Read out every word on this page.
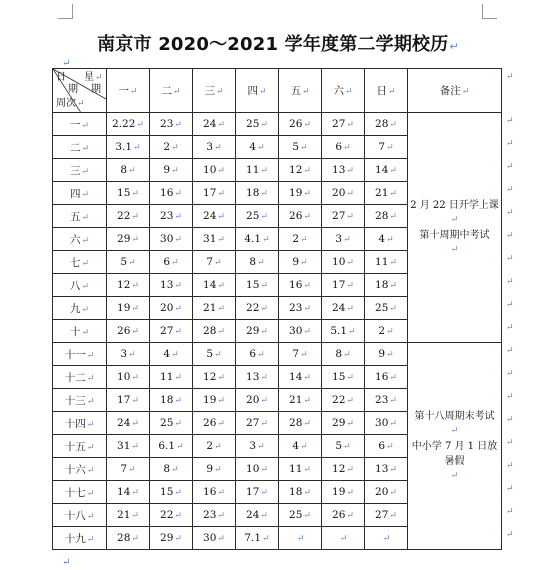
南京市 2020～2021 学年度第二学期校历↵
↵
日 星↵
期 期
周次↵	一↵	二↵	三↵	四↵	五↵	六↵	日↵	备注↵
一↵	2.22↵	23↵	24↵	25↵	26↵	27↵	28↵	2 月 22 日开学上课
↵
第十周期中考试
↵

二↵	3.1↵	2↵	3↵	4↵	5↵	6↵	7↵	
三↵	8↵	9↵	10↵	11↵	12↵	13↵	14↵	
四↵	15↵	16↵	17↵	18↵	19↵	20↵	21↵	
五↵	22↵	23↵	24↵	25↵	26↵	27↵	28↵	
六↵	29↵	30↵	31↵	4.1↵	2↵	3↵	4↵	
七↵	5↵	6↵	7↵	8↵	9↵	10↵	11↵	
八↵	12↵	13↵	14↵	15↵	16↵	17↵	18↵	
九↵	19↵	20↵	21↵	22↵	23↵	24↵	25↵	
十↵	26↵	27↵	28↵	29↵	30↵	5.1↵	2↵	
十一↵	3↵	4↵	5↵	6↵	7↵	8↵	9↵	第十八周期末考试
↵
中小学 7 月 1 日放暑假
↵

十二↵	10↵	11↵	12↵	13↵	14↵	15↵	16↵	
十三↵	17↵	18↵	19↵	20↵	21↵	22↵	23↵	
十四↵	24↵	25↵	26↵	27↵	28↵	29↵	30↵	
十五↵	31↵	6.1↵	2↵	3↵	4↵	5↵	6↵	
十六↵	7↵	8↵	9↵	10↵	11↵	12↵	13↵	
十七↵	14↵	15↵	16↵	17↵	18↵	19↵	20↵	
十八↵	21↵	22↵	23↵	24↵	25↵	26↵	27↵	
十九↵	28↵	29↵	30↵	7.1↵	↵	↵	↵	
↵
↵
↵
↵
↵
↵
↵
↵
↵
↵
↵
↵
↵
↵
↵
↵
↵
↵
↵
↵
↵
